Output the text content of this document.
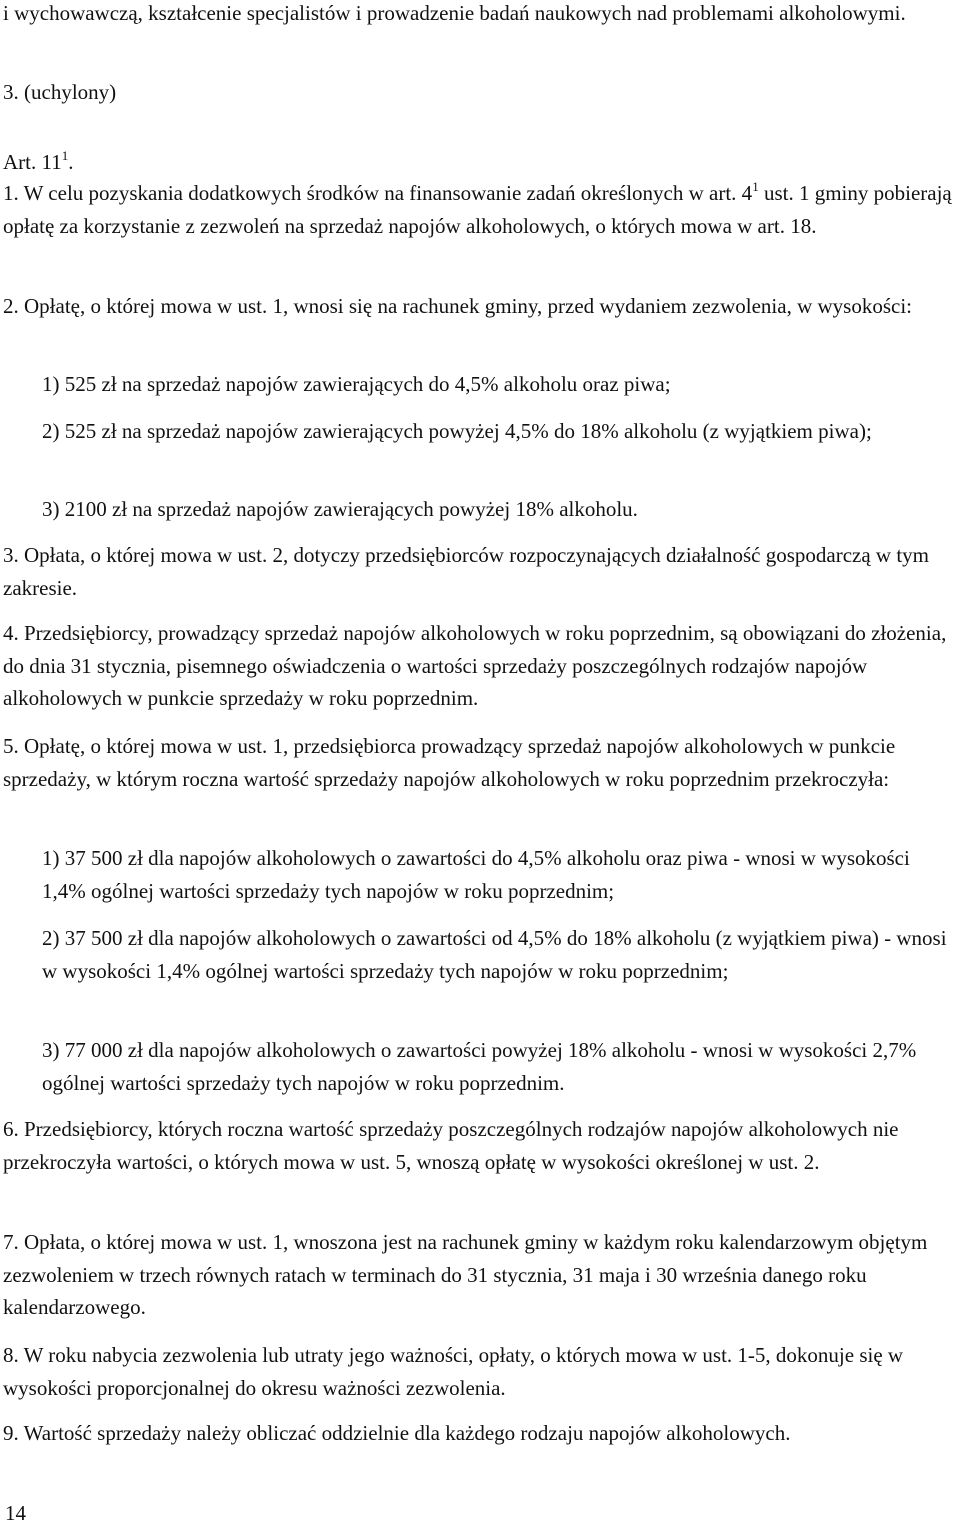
i wychowawczą, kształcenie specjalistów i prowadzenie badań naukowych nad problemami alkoholowymi.
3. (uchylony)
Art. $11^1$.
1. W celu pozyskania dodatkowych środków na finansowanie zadań określonych w art. $4^1$ ust. 1 gminy pobierają opłatę za korzystanie z zezwoleń na sprzedaż napojów alkoholowych, o których mowa w art. 18.
2. Opłatę, o której mowa w ust. 1, wnosi się na rachunek gminy, przed wydaniem zezwolenia, w wysokości:
1) 525 zł na sprzedaż napojów zawierających do 4,5% alkoholu oraz piwa;
2) 525 zł na sprzedaż napojów zawierających powyżej 4,5% do 18% alkoholu (z wyjątkiem piwa);
3) 2100 zł na sprzedaż napojów zawierających powyżej 18% alkoholu.
3. Opłata, o której mowa w ust. 2, dotyczy przedsiębiorców rozpoczynających działalność gospodarczą w tym zakresie.
4. Przedsiębiorcy, prowadzący sprzedaż napojów alkoholowych w roku poprzednim, są obowiązani do złożenia, do dnia 31 stycznia, pisemnego oświadczenia o wartości sprzedaży poszczególnych rodzajów napojów alkoholowych w punkcie sprzedaży w roku poprzednim.
5. Opłatę, o której mowa w ust. 1, przedsiębiorca prowadzący sprzedaż napojów alkoholowych w punkcie sprzedaży, w którym roczna wartość sprzedaży napojów alkoholowych w roku poprzednim przekroczyła:
1) 37 500 zł dla napojów alkoholowych o zawartości do 4,5% alkoholu oraz piwa - wnosi w wysokości 1,4% ogólnej wartości sprzedaży tych napojów w roku poprzednim;
2) 37 500 zł dla napojów alkoholowych o zawartości od 4,5% do 18% alkoholu (z wyjątkiem piwa) - wnosi w wysokości 1,4% ogólnej wartości sprzedaży tych napojów w roku poprzednim;
3) 77 000 zł dla napojów alkoholowych o zawartości powyżej 18% alkoholu - wnosi w wysokości 2,7% ogólnej wartości sprzedaży tych napojów w roku poprzednim.
6. Przedsiębiorcy, których roczna wartość sprzedaży poszczególnych rodzajów napojów alkoholowych nie przekroczyła wartości, o których mowa w ust. 5, wnoszą opłatę w wysokości określonej w ust. 2.
7. Opłata, o której mowa w ust. 1, wnoszona jest na rachunek gminy w każdym roku kalendarzowym objętym zezwoleniem w trzech równych ratach w terminach do 31 stycznia, 31 maja i 30 września danego roku kalendarzowego.
8. W roku nabycia zezwolenia lub utraty jego ważności, opłaty, o których mowa w ust. 1-5, dokonuje się w wysokości proporcjonalnej do okresu ważności zezwolenia.
9. Wartość sprzedaży należy obliczać oddzielnie dla każdego rodzaju napojów alkoholowych.
14
